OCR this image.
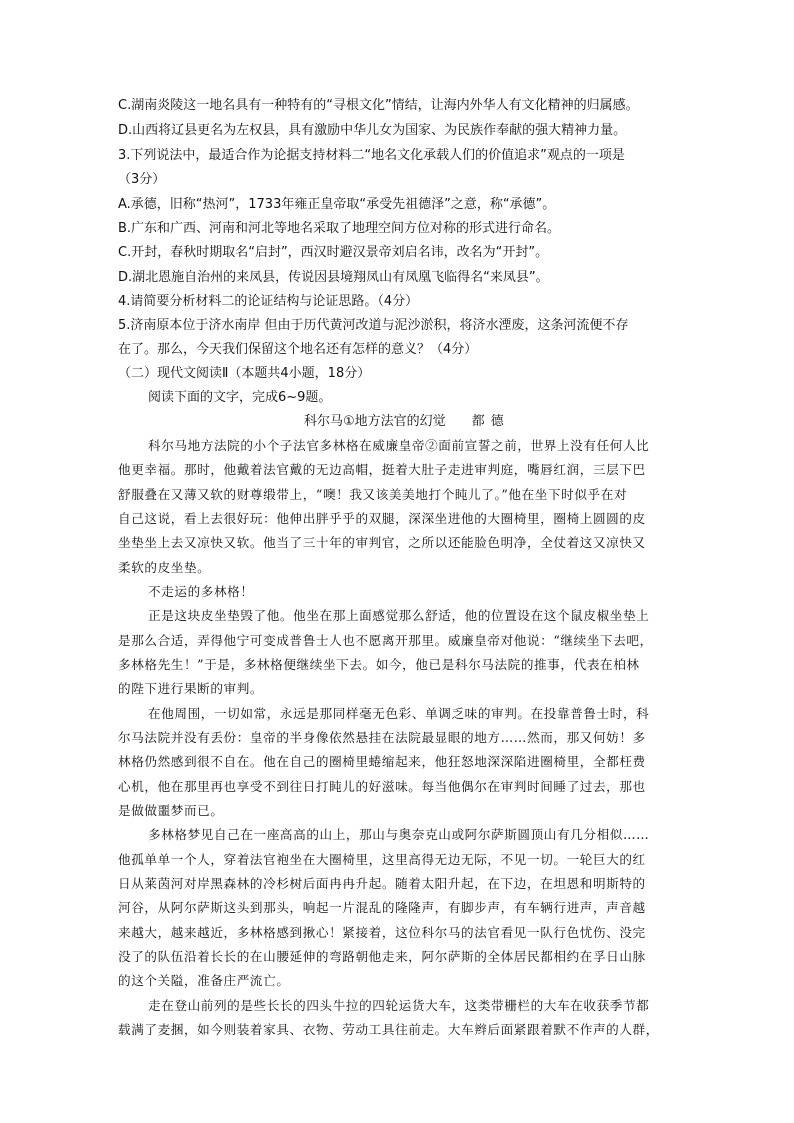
C.湖南炎陵这一地名具有一种特有的“寻根文化”情结，让海内外华人有文化精神的归属感。
D.山西将辽县更名为左权县，具有激励中华儿女为国家、为民族作奉献的强大精神力量。
3.下列说法中，最适合作为论据支持材料二“地名文化承载人们的价值追求”观点的一项是
（3分）
A.承德，旧称“热河”，1733年雍正皇帝取“承受先祖德泽”之意，称“承德”。
B.广东和广西、河南和河北等地名采取了地理空间方位对称的形式进行命名。
C.开封，春秋时期取名“启封”，西汉时避汉景帝刘启名讳，改名为“开封”。
D.湖北恩施自治州的来凤县，传说因县境翔凤山有凤凰飞临得名“来凤县”。
4.请简要分析材料二的论证结构与论证思路。（4分）
5.济南原本位于济水南岸 但由于历代黄河改道与泥沙淤积，将济水湮废，这条河流便不存
在了。那么，今天我们保留这个地名还有怎样的意义？（4分）
（二）现代文阅读Ⅱ（本题共4小题，18分）
阅读下面的文字，完成6~9题。
科尔马①地方法官的幻觉 都德
科尔马地方法院的小个子法官多林格在威廉皇帝②面前宣誓之前，世界上没有任何人比
他更幸福。那时，他戴着法官戴的无边高帽，挺着大肚子走进审判庭，嘴唇红润，三层下巴
舒服叠在又薄又软的财尊缎带上，“噢！我又该美美地打个盹儿了。”他在坐下时似乎在对
自己这说，看上去很好玩：他伸出胖乎乎的双腿，深深坐进他的大圈椅里，圈椅上圆圆的皮
坐垫坐上去又凉快又软。他当了三十年的审判官，之所以还能脸色明净，全仗着这又凉快又
柔软的皮坐垫。
不走运的多林格！
正是这块皮坐垫毁了他。他坐在那上面感觉那么舒适，他的位置设在这个鼠皮椒坐垫上
是那么合适，弄得他宁可变成普鲁士人也不愿离开那里。威廉皇帝对他说：“继续坐下去吧，
多林格先生！”于是，多林格便继续坐下去。如今，他已是科尔马法院的推事，代表在柏林
的陛下进行果断的审判。
在他周围，一切如常，永远是那同样毫无色彩、单调乏味的审判。在投靠普鲁士时，科
尔马法院并没有丢份：皇帝的半身像依然悬挂在法院最显眼的地方……然而，那又何妨！多
林格仍然感到很不自在。他在自己的圈椅里蜷缩起来，他狂怒地深深陷进圈椅里，全都枉费
心机，他在那里再也享受不到往日打盹儿的好滋味。每当他偶尔在审判时间睡了过去，那也
是做做噩梦而已。
多林格梦见自己在一座高高的山上，那山与奥奈克山或阿尔萨斯圆顶山有几分相似……
他孤单单一个人，穿着法官袍坐在大圈椅里，这里高得无边无际，不见一切。一轮巨大的红
日从莱茵河对岸黑森林的冷杉树后面冉冉升起。随着太阳升起，在下边，在坦恩和明斯特的
河谷，从阿尔萨斯这头到那头，响起一片混乱的隆隆声，有脚步声，有车辆行进声，声音越
来越大，越来越近，多林格感到揪心！紧接着，这位科尔马的法官看见一队行色忧伤、没完
没了的队伍沿着长长的在山腰延伸的弯路朝他走来，阿尔萨斯的全体居民都相约在孚日山脉
的这个关隘，准备庄严流亡。
走在登山前列的是些长长的四头牛拉的四轮运货大车，这类带栅栏的大车在收获季节都
载满了麦捆，如今则装着家具、衣物、劳动工具往前走。大车辫后面紧跟着默不作声的人群，
